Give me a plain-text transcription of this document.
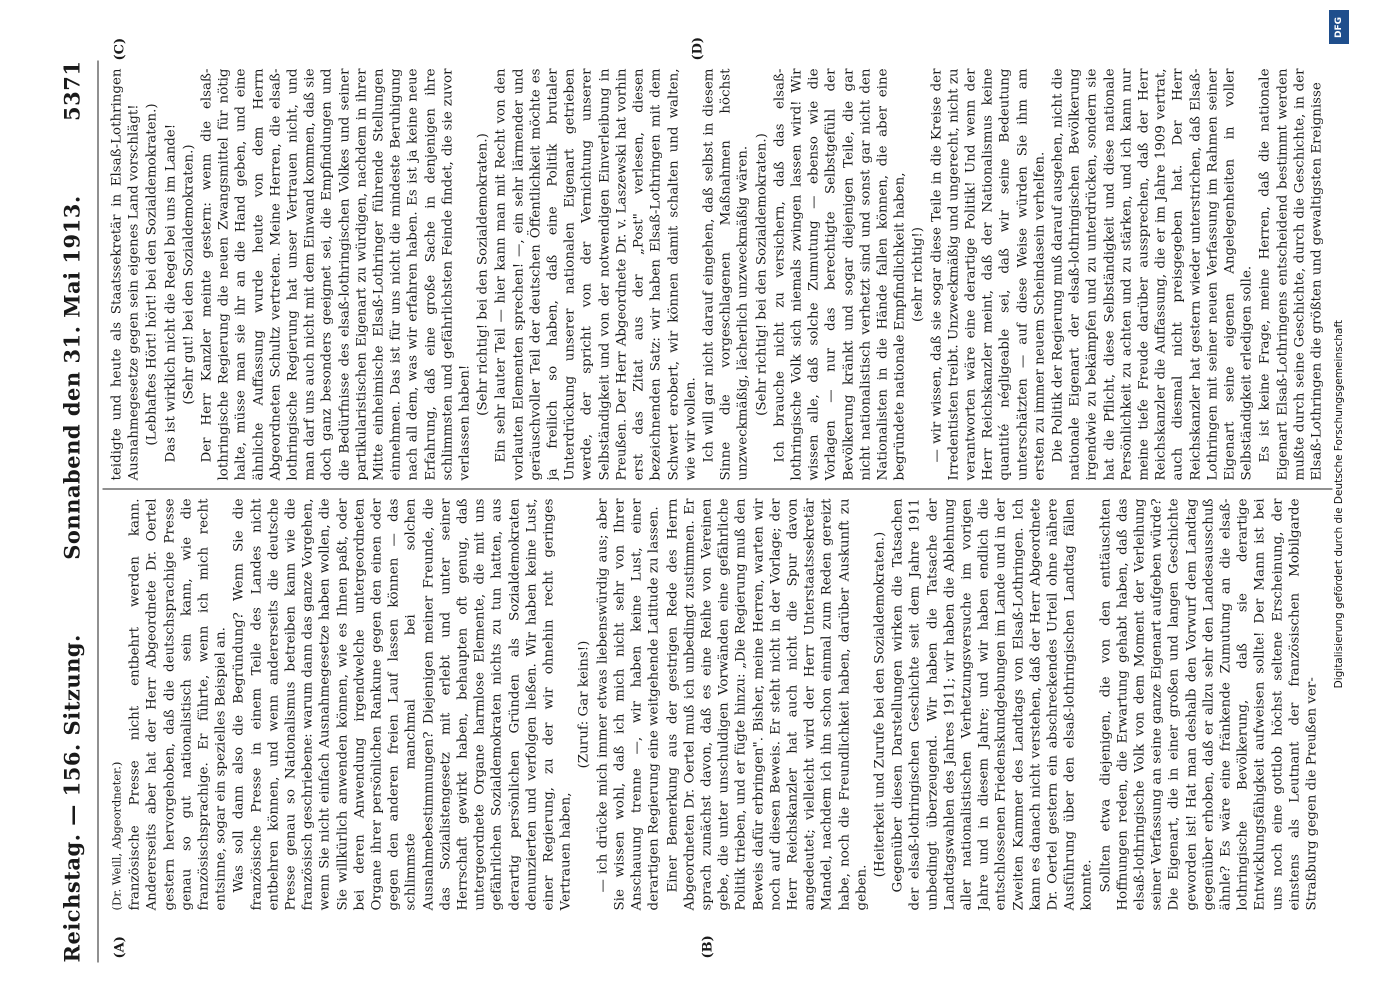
Reichstag. — 156. Sitzung.
Sonnabend den 31. Mai 1913.
5371
(A)	(B)
(C)	(D)

(Dr. Weill, Abgeordneter.) französische Presse nicht entbehrt werden kann. Andererseits aber hat der Herr Abgeordnete Dr. Oertel gestern hervorgehoben, daß die deutschsprachige Presse genau so gut nationalistisch sein kann, wie die französischsprachige. Er führte, wenn ich mich recht entsinne, sogar ein spezielles Beispiel an. Was soll dann also die Begründung? Wenn Sie die französische Presse in einem Teile des Landes nicht entbehren können, und wenn andererseits die deutsche Presse genau so Nationalismus betreiben kann wie die französisch geschriebene: warum dann das ganze Vorgehen, wenn Sie nicht einfach Ausnahmegesetze haben wollen, die Sie willkürlich anwenden können, wie es Ihnen paßt, oder bei deren Anwendung irgendwelche untergeordneten Organe ihrer persönlichen Rankune gegen den einen oder gegen den anderen freien Lauf lassen können — das schlimmste manchmal bei solchen Ausnahmebestimmungen? Diejenigen meiner Freunde, die das Sozialistengesetz mit erlebt und unter seiner Herrschaft gewirkt haben, behaupten oft genug, daß untergeordnete Organe harmlose Elemente, die mit uns gefährlichen Sozialdemokraten nichts zu tun hatten, aus derartig persönlichen Gründen als Sozialdemokraten denunzierten und verfolgen ließen. Wir haben keine Lust, einer Regierung, zu der wir ohnehin recht geringes Vertrauen haben,

(Zuruf: Gar keins!) — ich drücke mich immer etwas liebenswürdig aus; aber Sie wissen wohl, daß ich mich nicht sehr von Ihrer Anschauung trenne —, wir haben keine Lust, einer derartigen Regierung eine weitgehende Latitude zu lassen. Einer Bemerkung aus der gestrigen Rede des Herrn Abgeordneten Dr. Oertel muß ich unbedingt zustimmen. Er sprach zunächst davon, daß es eine Reihe von Vereinen gebe, die unter unschuldigen Vorwänden eine gefährliche Politik trieben, und er fügte hinzu: „Die Regierung muß den Beweis dafür erbringen". Bisher, meine Herren, warten wir noch auf diesen Beweis. Er steht nicht in der Vorlage; der Herr Reichskanzler hat auch nicht die Spur davon angedeutet; vielleicht wird der Herr Unterstaatssekretär Mandel, nachdem ich ihn schon einmal zum Reden gereizt habe, noch die Freundlichkeit haben, darüber Auskunft zu geben.

(Heiterkeit und Zurufe bei den Sozialdemokraten.) Gegenüber diesen Darstellungen wirken die Tatsachen der elsaß-lothringischen Geschichte seit dem Jahre 1911 unbedingt überzeugend. Wir haben die Tatsache der Landtagswahlen des Jahres 1911; wir haben die Ablehnung aller nationalistischen Verhetzungsversuche im vorigen Jahre und in diesem Jahre; und wir haben endlich die entschlossenen Friedenskundgebungen im Lande und in der Zweiten Kammer des Landtags von Elsaß-Lothringen. Ich kann es danach nicht verstehen, daß der Herr Abgeordnete Dr. Oertel gestern ein abschreckendes Urteil ohne nähere Ausführung über den elsaß-lothringischen Landtag fällen konnte. Sollten etwa diejenigen, die von den enttäuschten Hoffnungen reden, die Erwartung gehabt haben, daß das elsaß-lothringische Volk von dem Moment der Verleihung seiner Verfassung an seine ganze Eigenart aufgeben würde? Die Eigenart, die in einer großen und langen Geschichte geworden ist! Hat man deshalb den Vorwurf dem Landtag gegenüber erhoben, daß er allzu sehr den Landesausschuß ähnle? Es wäre eine fränkende Zumutung an die elsaß-lothringische Bevölkerung, daß sie derartige Entwicklungsfähigkeit aufweisen sollte! Der Mann ist bei uns noch eine gottlob höchst seltene Erscheinung, der einstens als Leutnant der französischen Mobilgarde Straßburg gegen die Preußen ver-

teidigte und heute als Staatssekretär in Elsaß-Lothringen Ausnahmegesetze gegen sein eigenes Land vorschlägt! (Lebhaftes Hört! hört! bei den Sozialdemokraten.) Das ist wirklich nicht die Regel bei uns im Lande! (Sehr gut! bei den Sozialdemokraten.) Der Herr Kanzler meinte gestern: wenn die elsaß-lothringische Regierung die neuen Zwangsmittel für nötig halte, müsse man sie ihr an die Hand geben, und eine ähnliche Auffassung wurde heute von dem Herrn Abgeordneten Schultz vertreten. Meine Herren, die elsaß-lothringische Regierung hat unser Vertrauen nicht, und man darf uns auch nicht mit dem Einwand kommen, daß sie doch ganz besonders geeignet sei, die Empfindungen und die Bedürfnisse des elsaß-lothringischen Volkes und seiner partikularistischen Eigenart zu würdigen, nachdem in ihrer Mitte einheimische Elsaß-Lothringer führende Stellungen einnehmen. Das ist für uns nicht die mindeste Beruhigung nach all dem, was wir erfahren haben. Es ist ja keine neue Erfahrung, daß eine große Sache in denjenigen ihre schlimmsten und gefährlichsten Feinde findet, die sie zuvor verlassen haben!

(Sehr richtig! bei den Sozialdemokraten.) Ein sehr lauter Teil — hier kann man mit Recht von den vorlauten Elementen sprechen! —, ein sehr lärmender und geräuschvoller Teil der deutschen Öffentlichkeit möchte es ja freilich so haben, daß eine Politik brutaler Unterdrückung unserer nationalen Eigenart getrieben werde, der spricht von der Vernichtung unserer Selbständigkeit und von der notwendigen Einverleibung in Preußen. Der Herr Abgeordnete Dr. v. Laszewski hat vorhin erst das Zitat aus der „Post" verlesen, diesen bezeichnenden Satz: wir haben Elsaß-Lothringen mit dem Schwert erobert, wir können damit schalten und walten, wie wir wollen. Ich will gar nicht darauf eingehen, daß selbst in diesem Sinne die vorgeschlagenen Maßnahmen höchst unzweckmäßig, lächerlich unzweckmäßig wären. (Sehr richtig! bei den Sozialdemokraten.) Ich brauche nicht zu versichern, daß das elsaß-lothringische Volk sich niemals zwingen lassen wird! Wir wissen alle, daß solche Zumutung — ebenso wie die Vorlagen — nur das berechtigte Selbstgefühl der Bevölkerung kränkt und sogar diejenigen Teile, die gar nicht nationalistisch verhetzt sind und sonst gar nicht den Nationalisten in die Hände fallen können, die aber eine begründete nationale Empfindlichkeit haben, (sehr richtig!) — wir wissen, daß sie sogar diese Teile in die Kreise der Irredentisten treibt. Unzweckmäßig und ungerecht, nicht zu verantworten wäre eine derartige Politik! Und wenn der Herr Reichskanzler meint, daß der Nationalismus keine quantité négligeable sei, daß wir seine Bedeutung unterschätzten — auf diese Weise würden Sie ihm am ersten zu immer neuem Scheindasein verhelfen. Die Politik der Regierung muß darauf ausgehen, nicht die nationale Eigenart der elsaß-lothringischen Bevölkerung irgendwie zu bekämpfen und zu unterdrücken, sondern sie hat die Pflicht, diese Selbständigkeit und diese nationale Persönlichkeit zu achten und zu stärken, und ich kann nur meine tiefe Freude darüber aussprechen, daß der Herr Reichskanzler die Auffassung, die er im Jahre 1909 vertrat, auch diesmal nicht preisgegeben hat. Der Herr Reichskanzler hat gestern wieder unterstrichen, daß Elsaß-Lothringen mit seiner neuen Verfassung im Rahmen seiner Eigenart seine eigenen Angelegenheiten in voller Selbständigkeit erledigen solle. Es ist keine Frage, meine Herren, daß die nationale Eigenart Elsaß-Lothringens entscheidend bestimmt werden mußte durch seine Geschichte, durch die Geschichte, in der Elsaß-Lothringen die größten und gewaltigsten Ereignisse

DFG
Digitalisierung gefördert durch die Deutsche Forschungsgemeinschaft
